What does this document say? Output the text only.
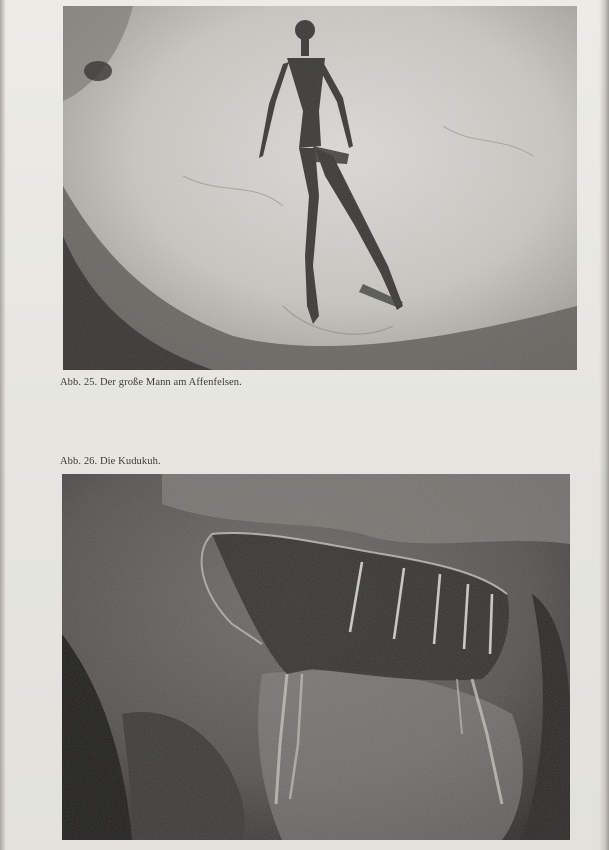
Abb. 25. Der große Mann am Affenfelsen.
Abb. 26. Die Kudukuh.
